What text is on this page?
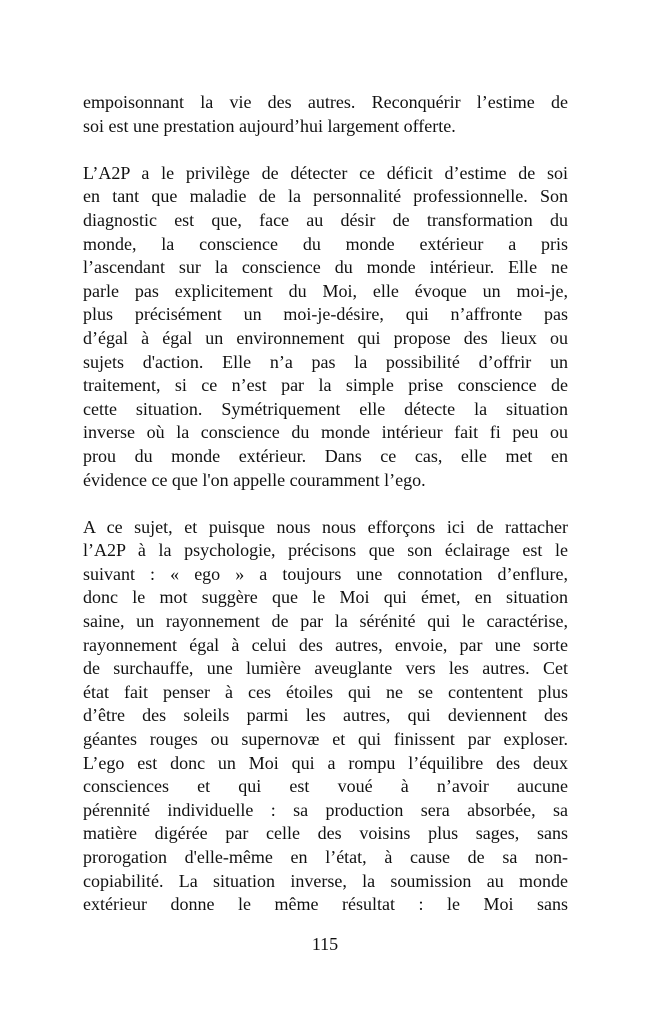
empoisonnant la vie des autres. Reconquérir l’estime de
soi est une prestation aujourd’hui largement offerte.
L’A2P a le privilège de détecter ce déficit d’estime de soi
en tant que maladie de la personnalité professionnelle. Son
diagnostic est que, face au désir de transformation du
monde, la conscience du monde extérieur a pris
l’ascendant sur la conscience du monde intérieur. Elle ne
parle pas explicitement du Moi, elle évoque un moi-je,
plus précisément un moi-je-désire, qui n’affronte pas
d’égal à égal un environnement qui propose des lieux ou
sujets d'action. Elle n’a pas la possibilité d’offrir un
traitement, si ce n’est par la simple prise conscience de
cette situation. Symétriquement elle détecte la situation
inverse où la conscience du monde intérieur fait fi peu ou
prou du monde extérieur. Dans ce cas, elle met en
évidence ce que l'on appelle couramment l’ego.
A ce sujet, et puisque nous nous efforçons ici de rattacher
l’A2P à la psychologie, précisons que son éclairage est le
suivant : « ego » a toujours une connotation d’enflure,
donc le mot suggère que le Moi qui émet, en situation
saine, un rayonnement de par la sérénité qui le caractérise,
rayonnement égal à celui des autres, envoie, par une sorte
de surchauffe, une lumière aveuglante vers les autres. Cet
état fait penser à ces étoiles qui ne se contentent plus
d’être des soleils parmi les autres, qui deviennent des
géantes rouges ou supernovæ et qui finissent par exploser.
L’ego est donc un Moi qui a rompu l’équilibre des deux
consciences et qui est voué à n’avoir aucune
pérennité individuelle : sa production sera absorbée, sa
matière digérée par celle des voisins plus sages, sans
prorogation d'elle-même en l’état, à cause de sa non-
copiabilité. La situation inverse, la soumission au monde
extérieur donne le même résultat : le Moi sans
115
